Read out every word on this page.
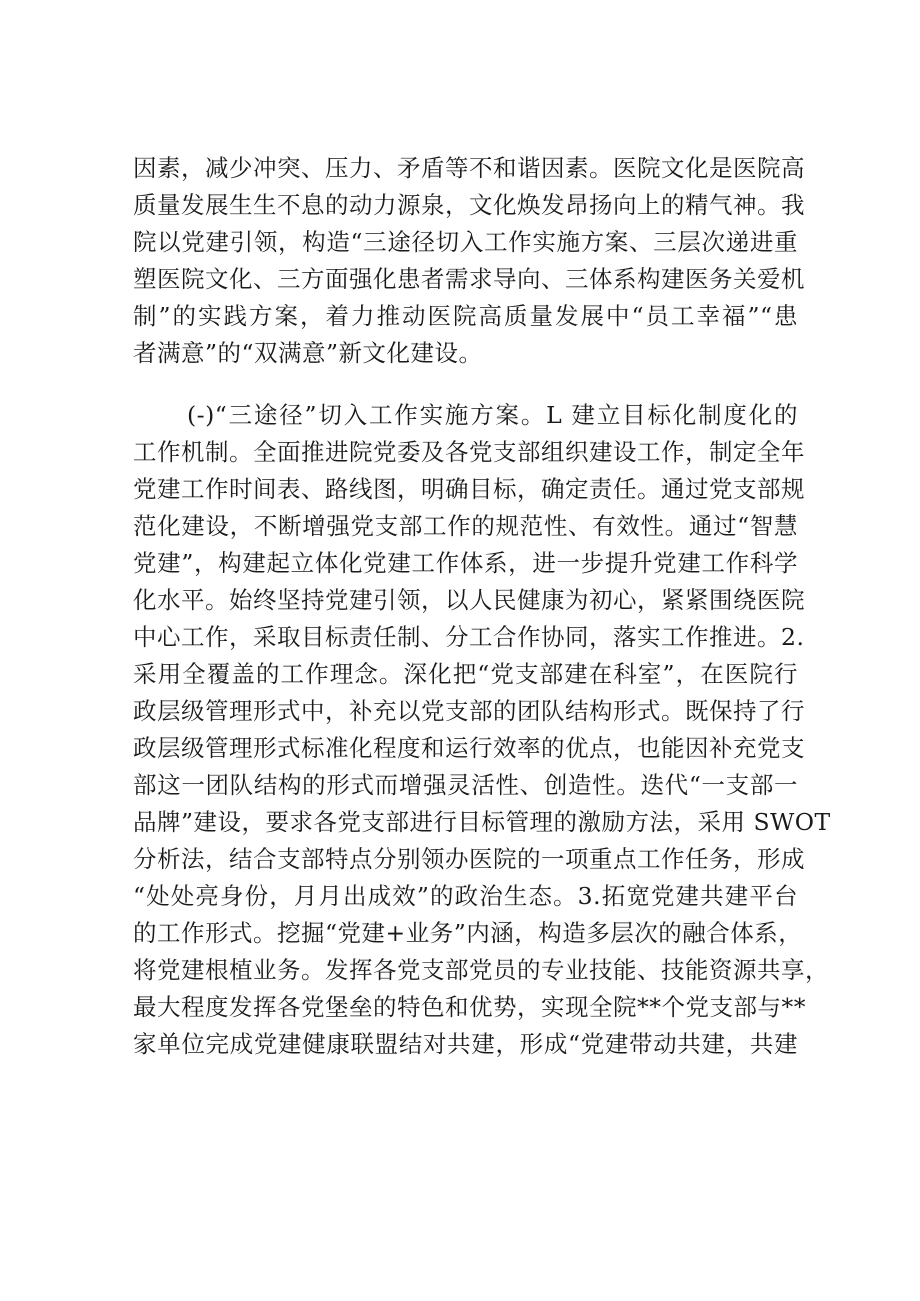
因素，减少冲突、压力、矛盾等不和谐因素。医院文化是医院高
质量发展生生不息的动力源泉，文化焕发昂扬向上的精气神。我
院以党建引领，构造“三途径切入工作实施方案、三层次递进重
塑医院文化、三方面强化患者需求导向、三体系构建医务关爱机
制”的实践方案，着力推动医院高质量发展中“员工幸福”“患
者满意”的“双满意”新文化建设。

(-)“三途径”切入工作实施方案。L 建立目标化制度化的
工作机制。全面推进院党委及各党支部组织建设工作，制定全年
党建工作时间表、路线图，明确目标，确定责任。通过党支部规
范化建设，不断增强党支部工作的规范性、有效性。通过“智慧
党建”，构建起立体化党建工作体系，进一步提升党建工作科学
化水平。始终坚持党建引领，以人民健康为初心，紧紧围绕医院
中心工作，采取目标责任制、分工合作协同，落实工作推进。2.
采用全覆盖的工作理念。深化把“党支部建在科室”，在医院行
政层级管理形式中，补充以党支部的团队结构形式。既保持了行
政层级管理形式标准化程度和运行效率的优点，也能因补充党支
部这一团队结构的形式而增强灵活性、创造性。迭代“一支部一
品牌”建设，要求各党支部进行目标管理的激励方法，采用 SWOT
分析法，结合支部特点分别领办医院的一项重点工作任务，形成
“处处亮身份，月月出成效”的政治生态。3.拓宽党建共建平台
的工作形式。挖掘“党建+业务”内涵，构造多层次的融合体系，
将党建根植业务。发挥各党支部党员的专业技能、技能资源共享，
最大程度发挥各党堡垒的特色和优势，实现全院**个党支部与**
家单位完成党建健康联盟结对共建，形成“党建带动共建，共建
